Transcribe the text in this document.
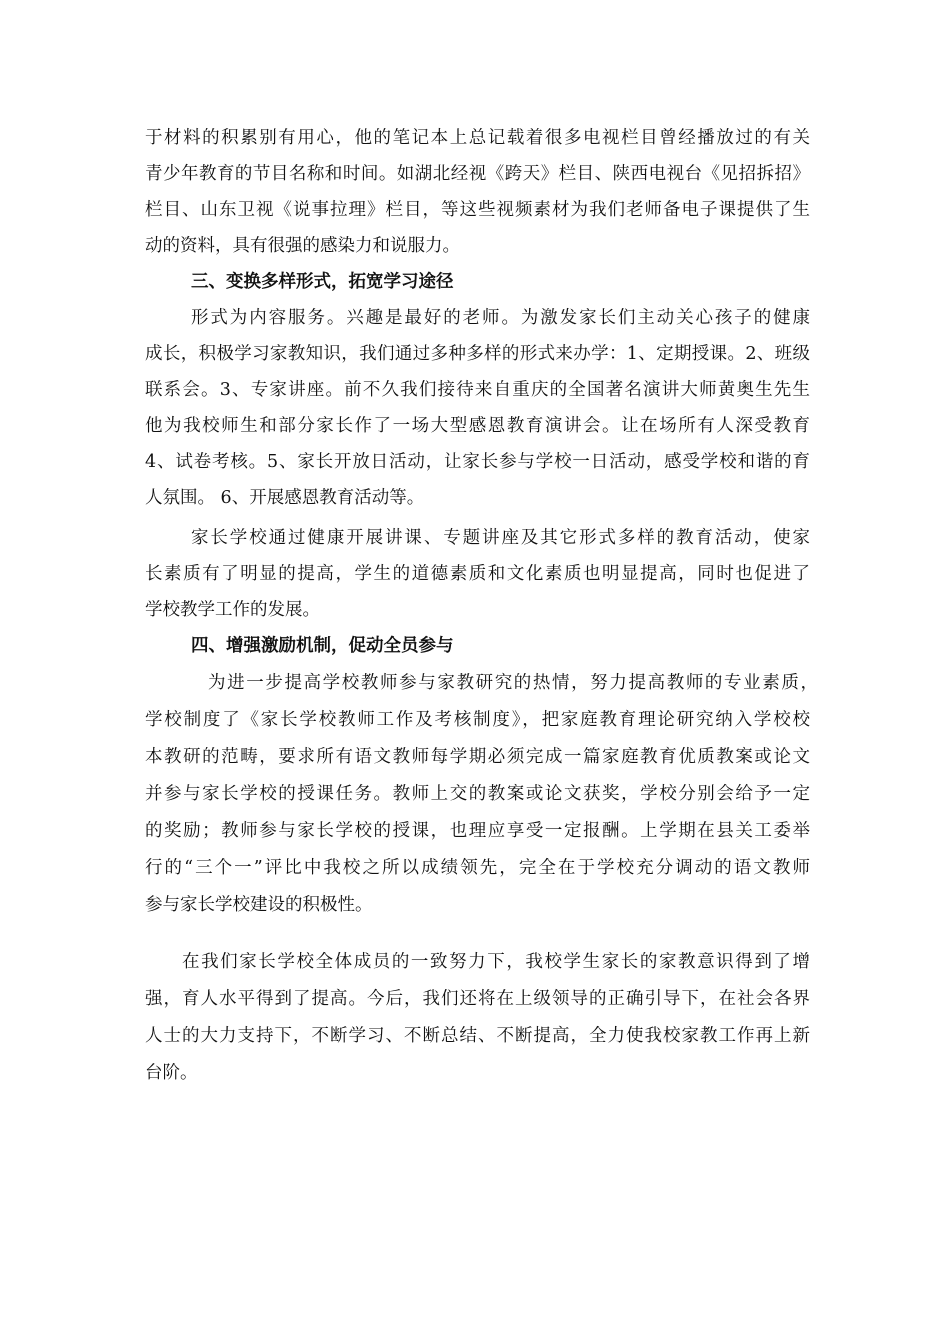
于材料的积累别有用心，他的笔记本上总记载着很多电视栏目曾经播放过的有关
青少年教育的节目名称和时间。如湖北经视《跨天》栏目、陕西电视台《见招拆招》
栏目、山东卫视《说事拉理》栏目，等这些视频素材为我们老师备电子课提供了生
动的资料，具有很强的感染力和说服力。
三、变换多样形式，拓宽学习途径
形式为内容服务。兴趣是最好的老师。为激发家长们主动关心孩子的健康
成长，积极学习家教知识，我们通过多种多样的形式来办学：1、定期授课。2、班级
联系会。3、专家讲座。前不久我们接待来自重庆的全国著名演讲大师黄奥生先生
他为我校师生和部分家长作了一场大型感恩教育演讲会。让在场所有人深受教育
4、试卷考核。5、家长开放日活动，让家长参与学校一日活动，感受学校和谐的育
人氛围。 6、开展感恩教育活动等。
家长学校通过健康开展讲课、专题讲座及其它形式多样的教育活动，使家
长素质有了明显的提高，学生的道德素质和文化素质也明显提高，同时也促进了
学校教学工作的发展。
四、增强激励机制，促动全员参与
为进一步提高学校教师参与家教研究的热情，努力提高教师的专业素质，
学校制度了《家长学校教师工作及考核制度》，把家庭教育理论研究纳入学校校
本教研的范畴，要求所有语文教师每学期必须完成一篇家庭教育优质教案或论文
并参与家长学校的授课任务。教师上交的教案或论文获奖，学校分别会给予一定
的奖励；教师参与家长学校的授课，也理应享受一定报酬。上学期在县关工委举
行的“三个一”评比中我校之所以成绩领先，完全在于学校充分调动的语文教师
参与家长学校建设的积极性。
在我们家长学校全体成员的一致努力下，我校学生家长的家教意识得到了增
强，育人水平得到了提高。今后，我们还将在上级领导的正确引导下，在社会各界
人士的大力支持下，不断学习、不断总结、不断提高，全力使我校家教工作再上新
台阶。
